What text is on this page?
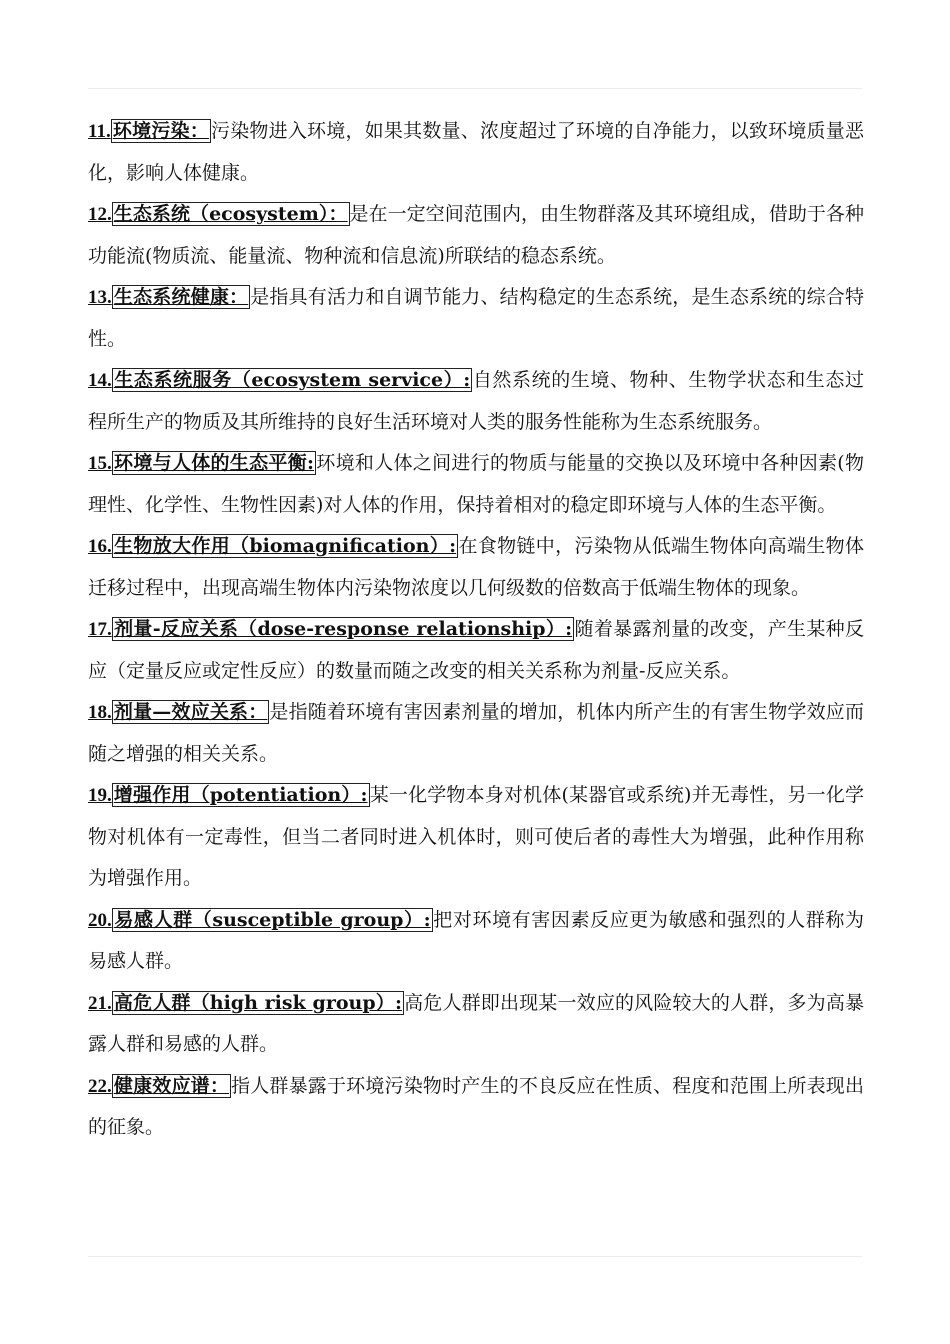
11. 环境污染： 污染物进入环境，如果其数量、浓度超过了环境的自净能力，以致环境质量恶化，影响人体健康。

12. 生态系统（ecosystem）： 是在一定空间范围内，由生物群落及其环境组成，借助于各种功能流(物质流、能量流、物种流和信息流)所联结的稳态系统。

13. 生态系统健康： 是指具有活力和自调节能力、结构稳定的生态系统，是生态系统的综合特性。

14. 生态系统服务（ecosystem service）: 自然系统的生境、物种、生物学状态和生态过程所生产的物质及其所维持的良好生活环境对人类的服务性能称为生态系统服务。

15. 环境与人体的生态平衡: 环境和人体之间进行的物质与能量的交换以及环境中各种因素(物理性、化学性、生物性因素)对人体的作用，保持着相对的稳定即环境与人体的生态平衡。

16. 生物放大作用（biomagnification）: 在食物链中，污染物从低端生物体向高端生物体迁移过程中，出现高端生物体内污染物浓度以几何级数的倍数高于低端生物体的现象。

17. 剂量-反应关系（dose-response relationship）: 随着暴露剂量的改变，产生某种反应（定量反应或定性反应）的数量而随之改变的相关关系称为剂量-反应关系。

18. 剂量—效应关系： 是指随着环境有害因素剂量的增加，机体内所产生的有害生物学效应而随之增强的相关关系。

19. 增强作用（potentiation）: 某一化学物本身对机体(某器官或系统)并无毒性，另一化学物对机体有一定毒性，但当二者同时进入机体时，则可使后者的毒性大为增强，此种作用称为增强作用。

20. 易感人群（susceptible group）: 把对环境有害因素反应更为敏感和强烈的人群称为易感人群。

21. 高危人群（high risk group）: 高危人群即出现某一效应的风险较大的人群，多为高暴露人群和易感的人群。

22. 健康效应谱： 指人群暴露于环境污染物时产生的不良反应在性质、程度和范围上所表现出的征象。
